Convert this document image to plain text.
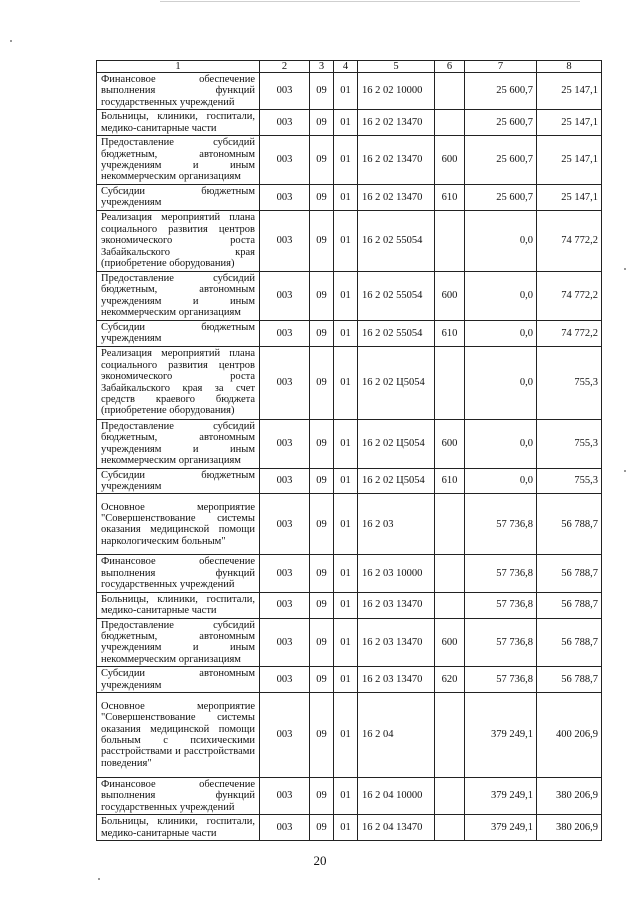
1	2	3	4	5	6	7	8
Финансовое обеспечение выполнения функций государственных учреждений	003	09	01	16 2 02 10000		25 600,7	25 147,1
Больницы, клиники, госпитали, медико-санитарные части	003	09	01	16 2 02 13470		25 600,7	25 147,1
Предоставление субсидий бюджетным, автономным учреждениям и иным некоммерческим организациям	003	09	01	16 2 02 13470	600	25 600,7	25 147,1
Субсидии бюджетным учреждениям	003	09	01	16 2 02 13470	610	25 600,7	25 147,1
Реализация мероприятий плана социального развития центров экономического роста Забайкальского края (приобретение оборудования)	003	09	01	16 2 02 55054		0,0	74 772,2
Предоставление субсидий бюджетным, автономным учреждениям и иным некоммерческим организациям	003	09	01	16 2 02 55054	600	0,0	74 772,2
Субсидии бюджетным учреждениям	003	09	01	16 2 02 55054	610	0,0	74 772,2
Реализация мероприятий плана социального развития центров экономического роста Забайкальского края за счет средств краевого бюджета (приобретение оборудования)	003	09	01	16 2 02 Ц5054		0,0	755,3
Предоставление субсидий бюджетным, автономным учреждениям и иным некоммерческим организациям	003	09	01	16 2 02 Ц5054	600	0,0	755,3
Субсидии бюджетным учреждениям	003	09	01	16 2 02 Ц5054	610	0,0	755,3
Основное мероприятие "Совершенствование системы оказания медицинской помощи наркологическим больным"	003	09	01	16 2 03		57 736,8	56 788,7
Финансовое обеспечение выполнения функций государственных учреждений	003	09	01	16 2 03 10000		57 736,8	56 788,7
Больницы, клиники, госпитали, медико-санитарные части	003	09	01	16 2 03 13470		57 736,8	56 788,7
Предоставление субсидий бюджетным, автономным учреждениям и иным некоммерческим организациям	003	09	01	16 2 03 13470	600	57 736,8	56 788,7
Субсидии автономным учреждениям	003	09	01	16 2 03 13470	620	57 736,8	56 788,7
Основное мероприятие "Совершенствование системы оказания медицинской помощи больным с психическими расстройствами и расстройствами поведения"	003	09	01	16 2 04		379 249,1	400 206,9
Финансовое обеспечение выполнения функций государственных учреждений	003	09	01	16 2 04 10000		379 249,1	380 206,9
Больницы, клиники, госпитали, медико-санитарные части	003	09	01	16 2 04 13470		379 249,1	380 206,9
20
